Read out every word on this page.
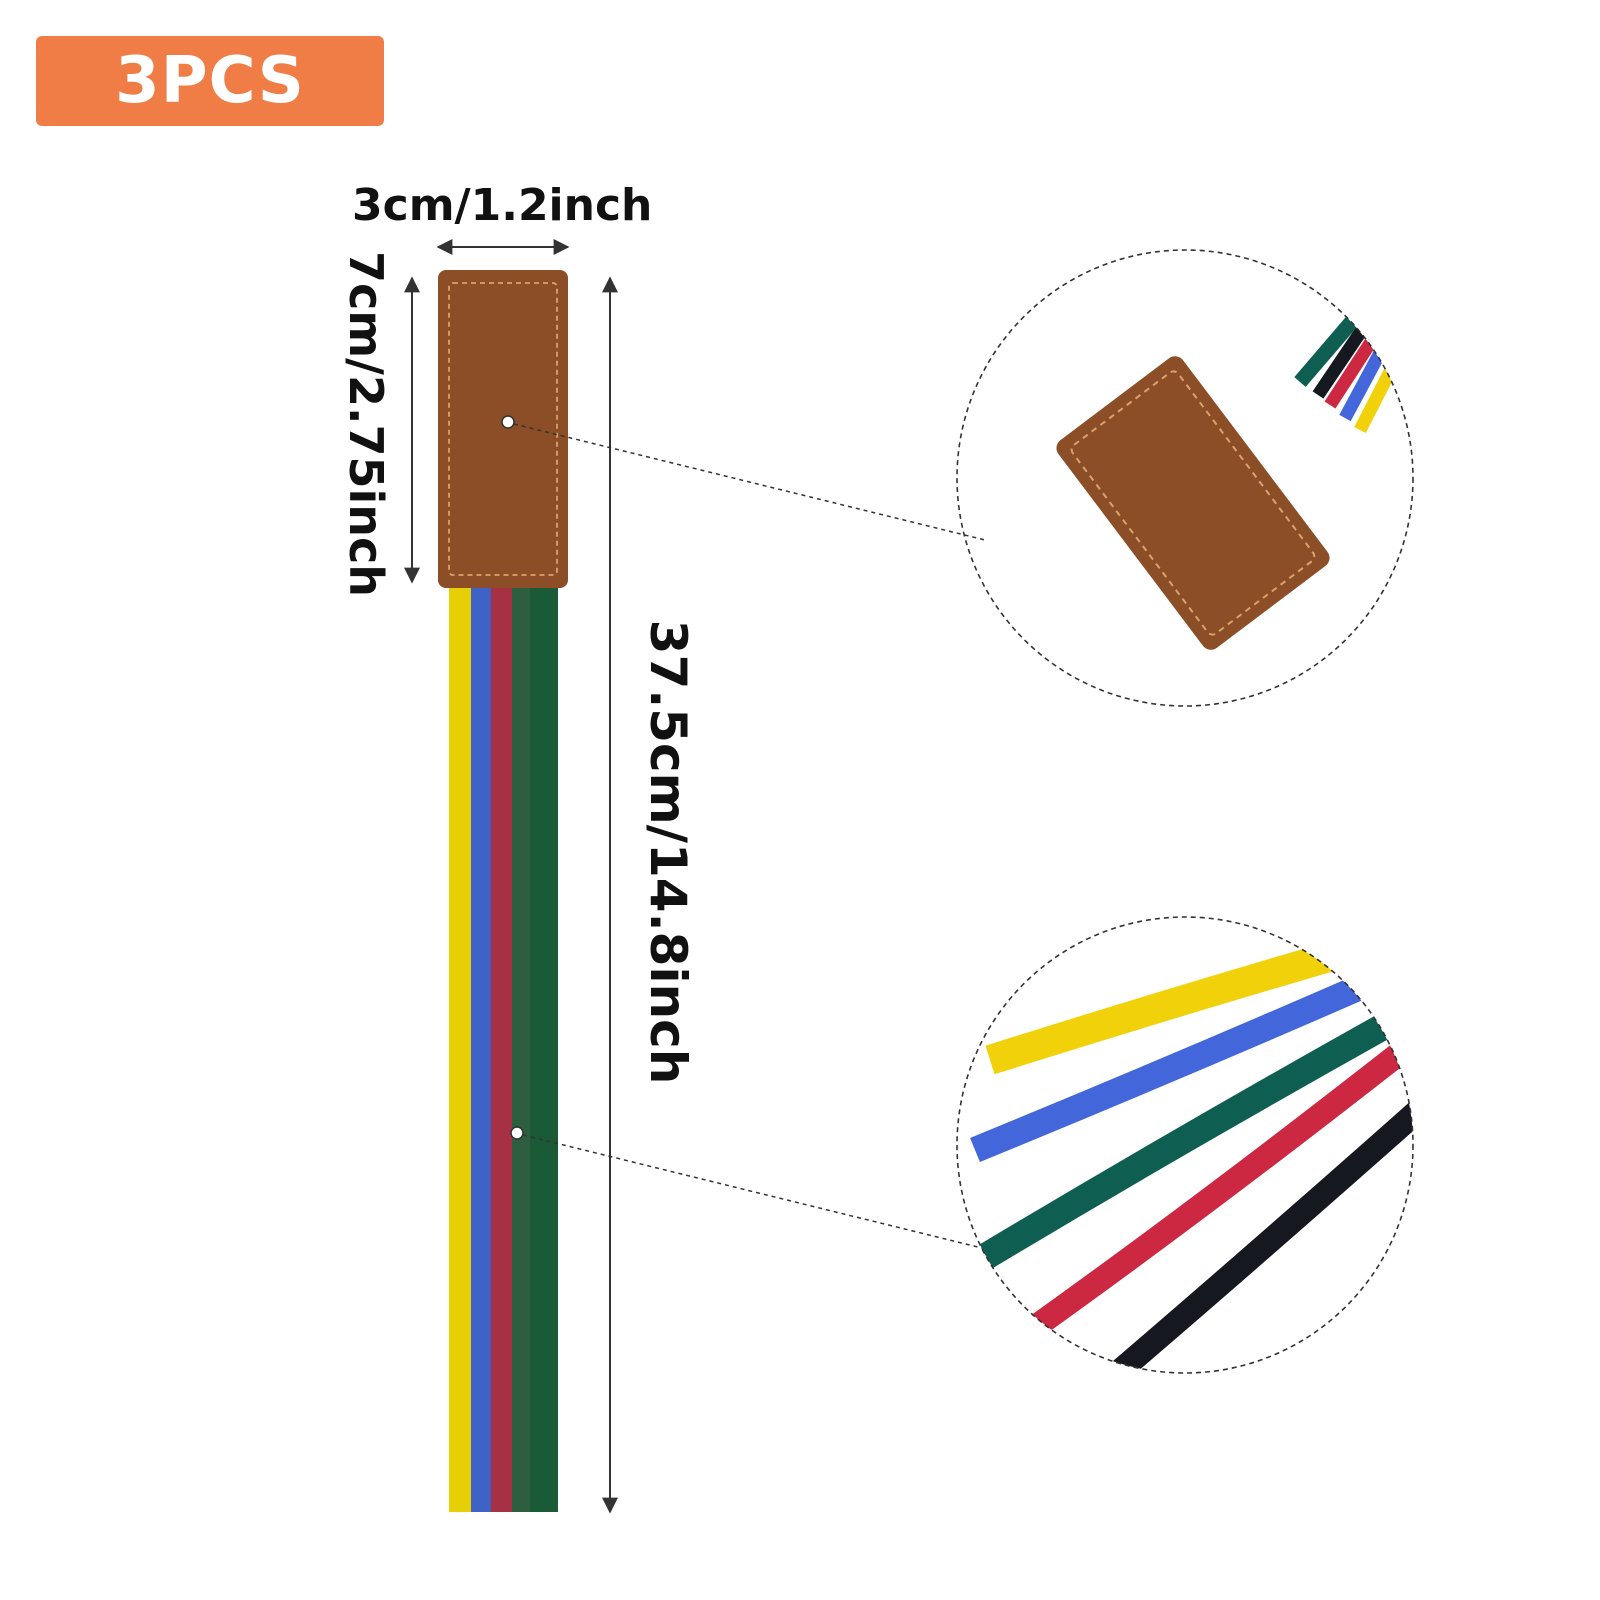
3PCS
3cm/1.2inch
7cm/2.75inch
37.5cm/14.8inch
